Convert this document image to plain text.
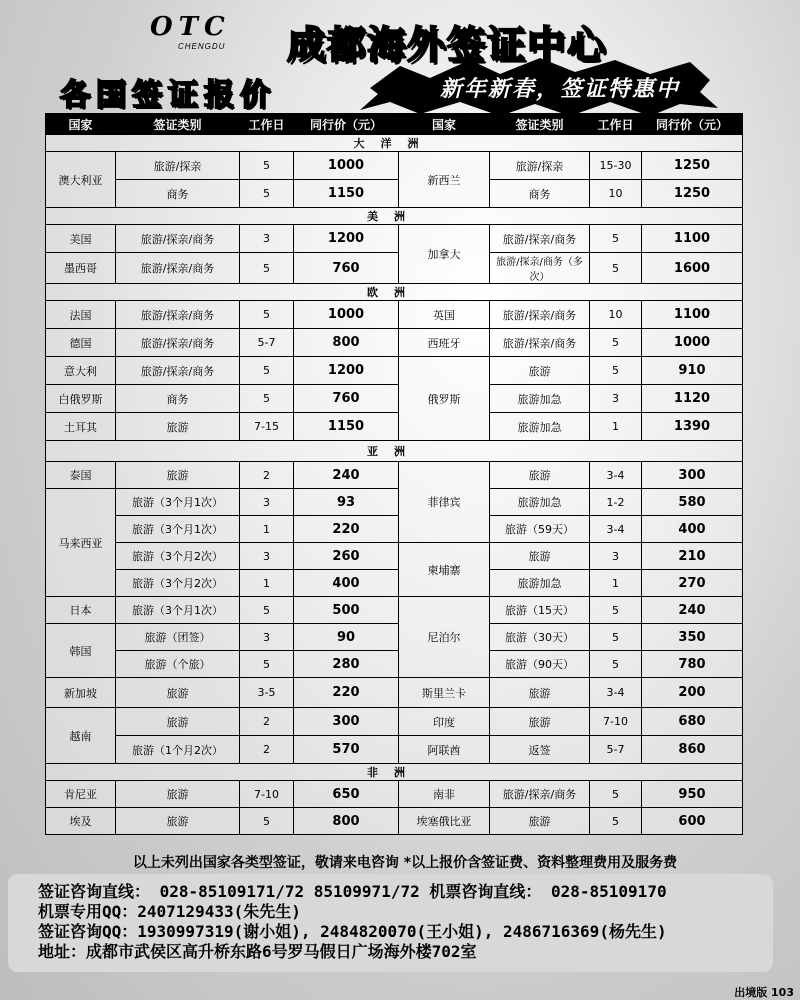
OTC
CHENGDU	成都海外签证中心
各国签证报价	新年新春，签证特惠中
国家	签证类别	工作日	同行价（元）	国家	签证类别	工作日	同行价（元）
大洋洲							
澳大利亚	旅游/探亲	5	1000	新西兰	旅游/探亲	15-30	1250
	商务	5	1150		商务	10	1250
美洲							
美国	旅游/探亲/商务	3	1200	加拿大	旅游/探亲/商务	5	1100
墨西哥	旅游/探亲/商务	5	760		旅游/探亲/商务（多次）	5	1600
欧洲							
法国	旅游/探亲/商务	5	1000	英国	旅游/探亲/商务	10	1100
德国	旅游/探亲/商务	5-7	800	西班牙	旅游/探亲/商务	5	1000
意大利	旅游/探亲/商务	5	1200	俄罗斯	旅游	5	910
白俄罗斯	商务	5	760		旅游加急	3	1120
土耳其	旅游	7-15	1150		旅游加急	1	1390
亚洲							
泰国	旅游	2	240	菲律宾	旅游	3-4	300
马来西亚	旅游（3个月1次）	3	93		旅游加急	1-2	580
	旅游（3个月1次）	1	220		旅游（59天）	3-4	400
	旅游（3个月2次）	3	260	柬埔寨	旅游	3	210
	旅游（3个月2次）	1	400		旅游加急	1	270
日本	旅游（3个月1次）	5	500	尼泊尔	旅游（15天）	5	240
韩国	旅游（团签）	3	90		旅游（30天）	5	350
	旅游（个旅）	5	280		旅游（90天）	5	780
新加坡	旅游	3-5	220	斯里兰卡	旅游	3-4	200
越南	旅游	2	300	印度	旅游	7-10	680
	旅游（1个月2次）	2	570	阿联酋	返签	5-7	860
非洲							
肯尼亚	旅游	7-10	650	南非	旅游/探亲/商务	5	950
埃及	旅游	5	800	埃塞俄比亚	旅游	5	600
以上未列出国家各类型签证，敬请来电咨询 *以上报价含签证费、资料整理费用及服务费
签证咨询直线： 028-85109171/72 85109971/72 机票咨询直线： 028-85109170
机票专用QQ：2407129433(朱先生)
签证咨询QQ：1930997319(谢小姐), 2484820070(王小姐), 2486716369(杨先生)
地址：成都市武侯区高升桥东路6号罗马假日广场海外楼702室
出境版 103
